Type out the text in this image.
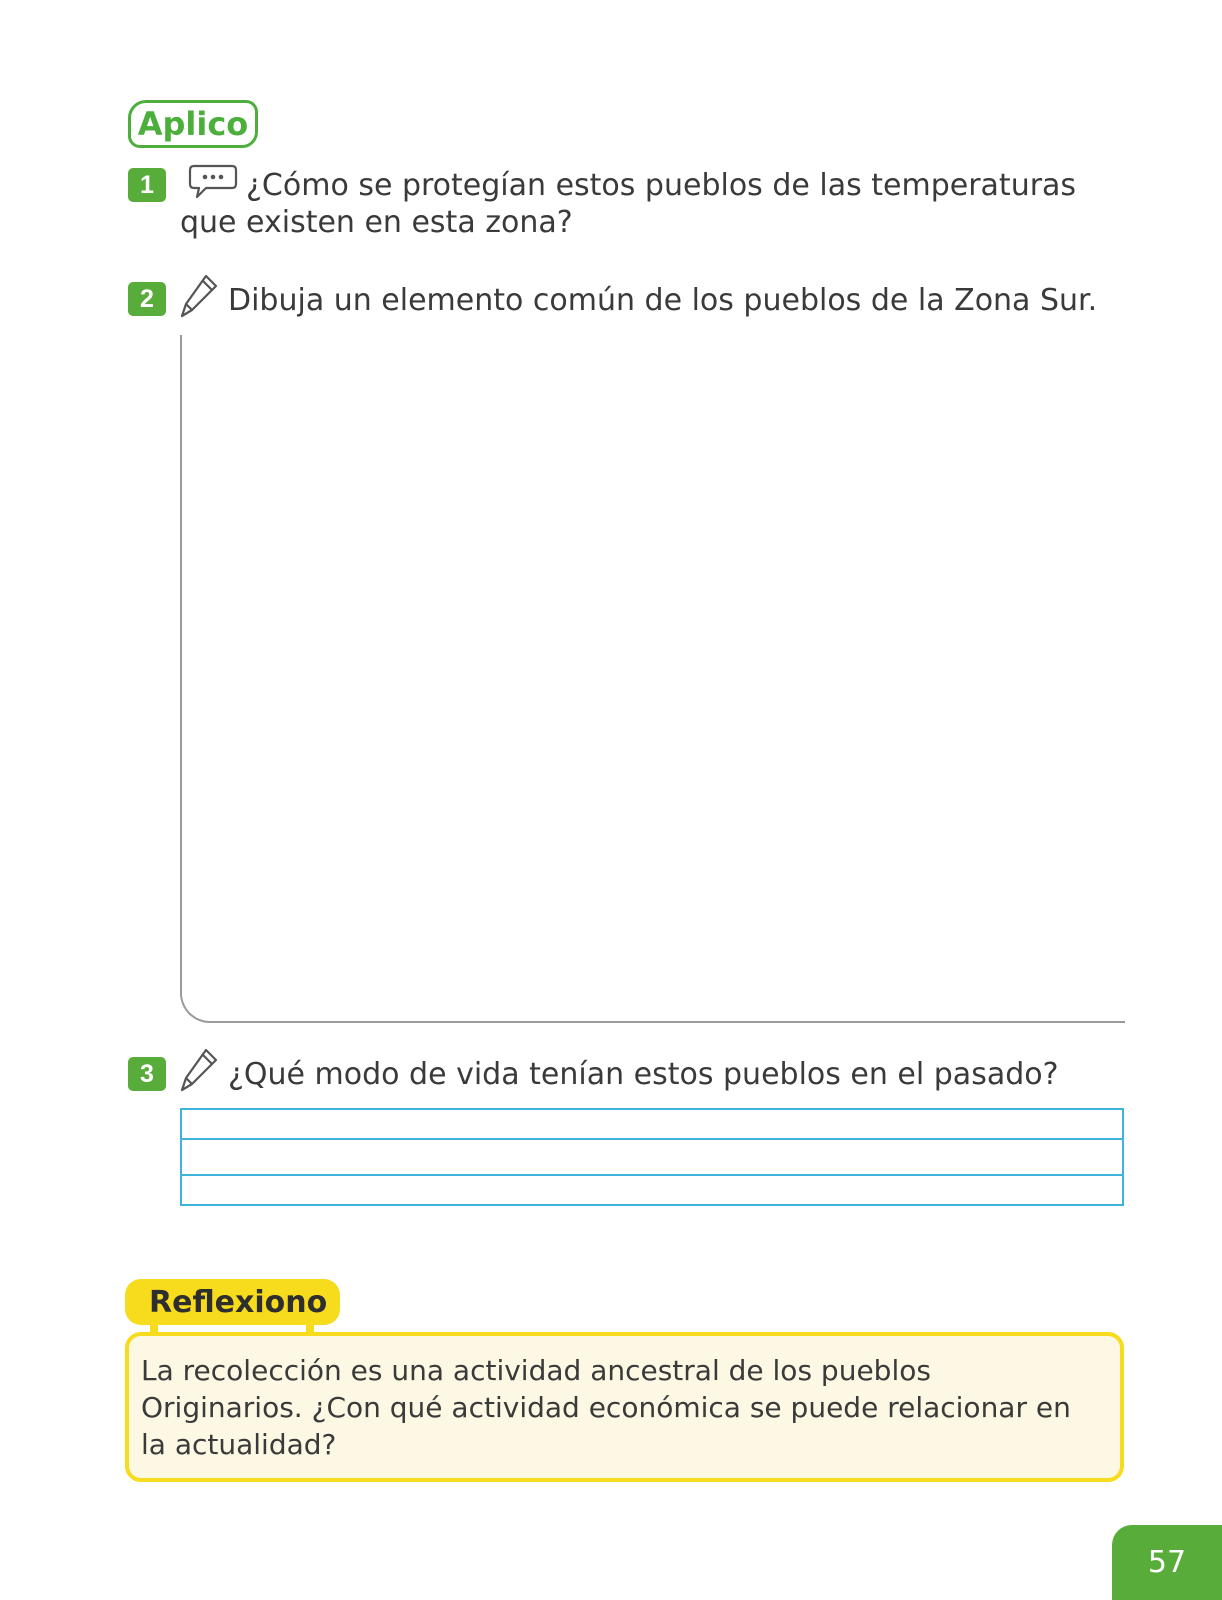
Aplico
1	¿Cómo se protegían estos pueblos de las temperaturas

que existen en esta zona?

2	Dibuja un elemento común de los pueblos de la Zona Sur.

3	¿Qué modo de vida tenían estos pueblos en el pasado?

Reflexiono
La recolección es una actividad ancestral de los pueblos
Originarios. ¿Con qué actividad económica se puede relacionar en
la actualidad?
57
